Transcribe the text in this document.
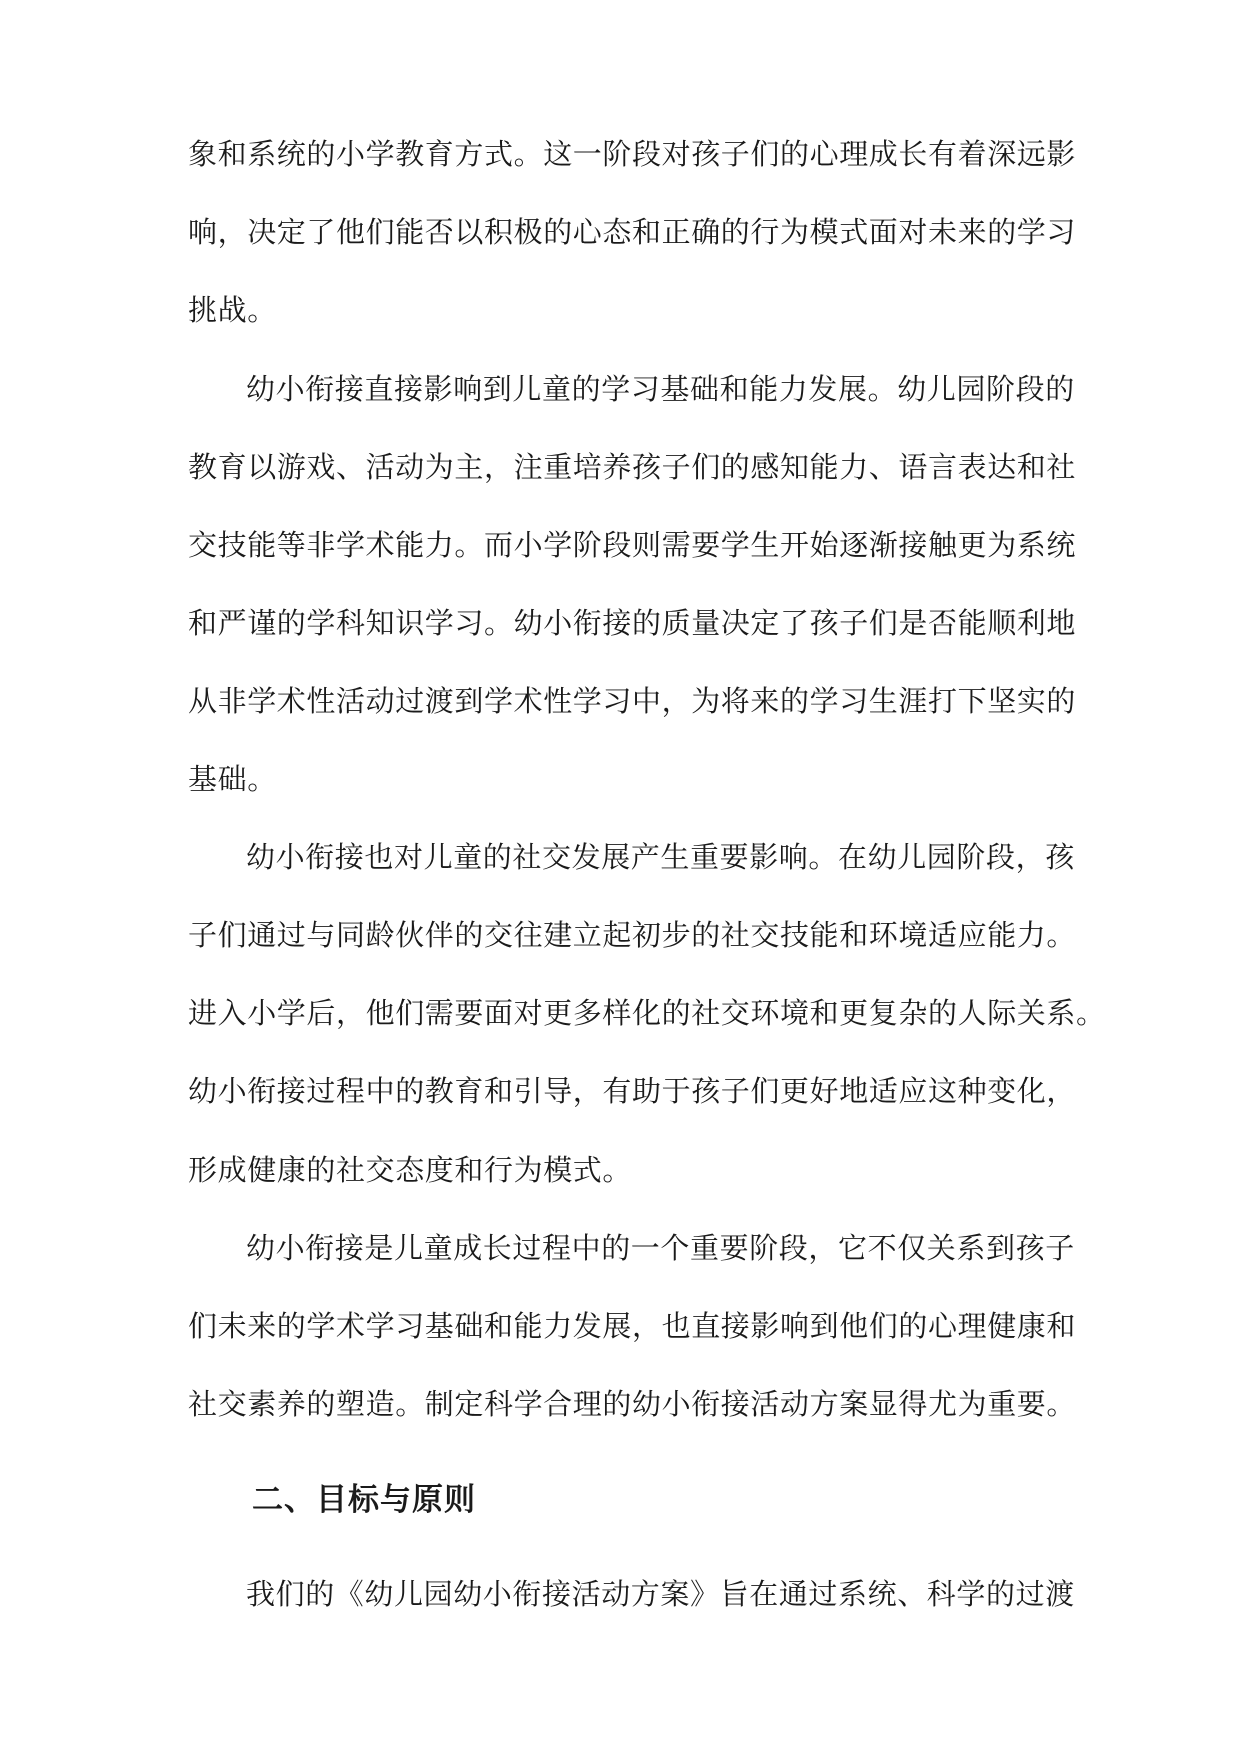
象和系统的小学教育方式。这一阶段对孩子们的心理成长有着深远影
响，决定了他们能否以积极的心态和正确的行为模式面对未来的学习
挑战。
幼小衔接直接影响到儿童的学习基础和能力发展。幼儿园阶段的
教育以游戏、活动为主，注重培养孩子们的感知能力、语言表达和社
交技能等非学术能力。而小学阶段则需要学生开始逐渐接触更为系统
和严谨的学科知识学习。幼小衔接的质量决定了孩子们是否能顺利地
从非学术性活动过渡到学术性学习中，为将来的学习生涯打下坚实的
基础。
幼小衔接也对儿童的社交发展产生重要影响。在幼儿园阶段，孩
子们通过与同龄伙伴的交往建立起初步的社交技能和环境适应能力。
进入小学后，他们需要面对更多样化的社交环境和更复杂的人际关系。
幼小衔接过程中的教育和引导，有助于孩子们更好地适应这种变化，
形成健康的社交态度和行为模式。
幼小衔接是儿童成长过程中的一个重要阶段，它不仅关系到孩子
们未来的学术学习基础和能力发展，也直接影响到他们的心理健康和
社交素养的塑造。制定科学合理的幼小衔接活动方案显得尤为重要。
二、目标与原则
我们的《幼儿园幼小衔接活动方案》旨在通过系统、科学的过渡
